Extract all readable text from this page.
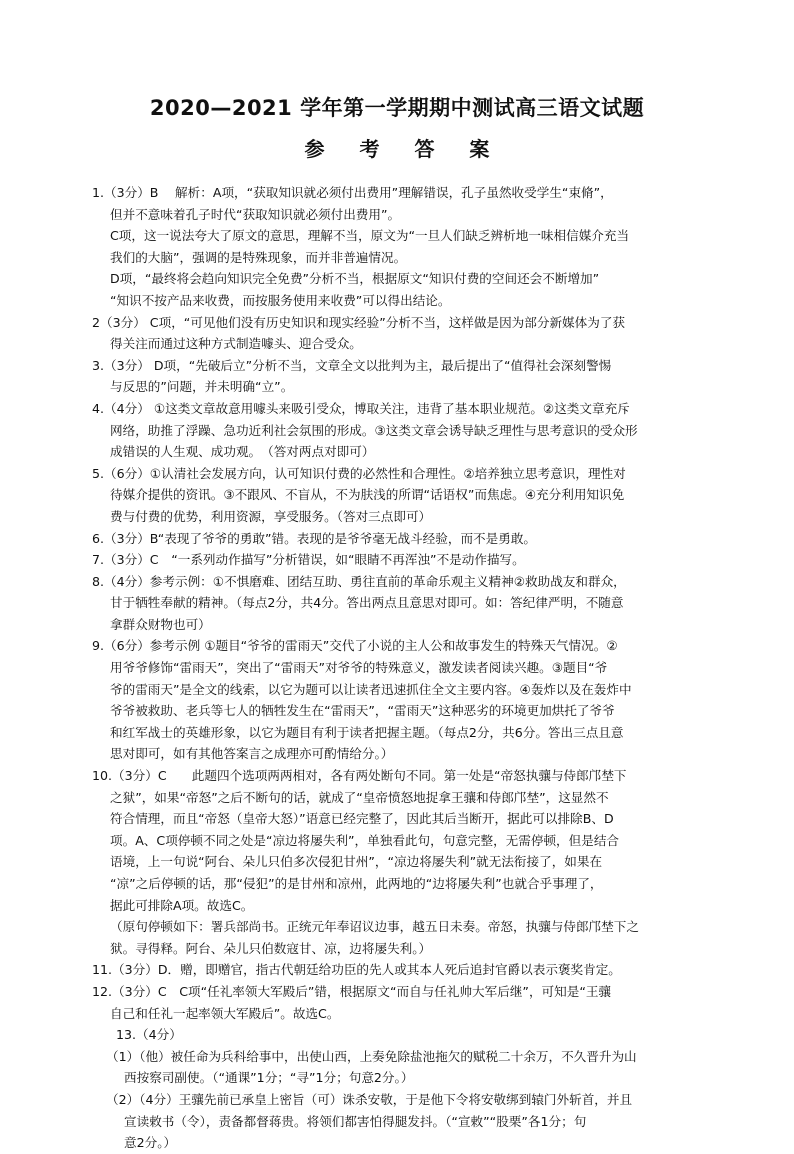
2020—2021 学年第一学期期中测试高三语文试题
参 考 答 案
1.（3分）B　 解析：A项，“获取知识就必须付出费用”理解错误，孔子虽然收受学生“束脩”，
但并不意味着孔子时代“获取知识就必须付出费用”。
C项，这一说法夸大了原文的意思，理解不当，原文为“一旦人们缺乏辨析地一味相信媒介充当
我们的大脑”，强调的是特殊现象，而并非普遍情况。
D项，“最终将会趋向知识完全免费”分析不当，根据原文“知识付费的空间还会不断增加”
“知识不按产品来收费，而按服务使用来收费”可以得出结论。
2（3分） C项，“可见他们没有历史知识和现实经验”分析不当，这样做是因为部分新媒体为了获
得关注而通过这种方式制造噱头、迎合受众。
3.（3分） D项，“先破后立”分析不当，文章全文以批判为主，最后提出了“值得社会深刻警惕
与反思的”问题，并未明确“立”。
4.（4分） ①这类文章故意用噱头来吸引受众，博取关注，违背了基本职业规范。②这类文章充斥
网络，助推了浮躁、急功近利社会氛围的形成。③这类文章会诱导缺乏理性与思考意识的受众形
成错误的人生观、成功观。　（答对两点对即可）
5.（6分）①认清社会发展方向，认可知识付费的必然性和合理性。②培养独立思考意识，理性对
待媒介提供的资讯。③不跟风、不盲从，不为肤浅的所谓“话语权”而焦虑。④充分利用知识免
费与付费的优势，利用资源，享受服务。（答对三点即可）
6.（3分）B“表现了爷爷的勇敢”错。表现的是爷爷毫无战斗经验，而不是勇敢。
7.（3分）C　“一系列动作描写”分析错误，如“眼睛不再浑浊”不是动作描写。
8.（4分）参考示例：①不惧磨难、团结互助、勇往直前的革命乐观主义精神②救助战友和群众，
甘于牺牲奉献的精神。（每点2分，共4分。答出两点且意思对即可。如：答纪律严明，不随意
拿群众财物也可）
9.（6分）参考示例 ①题目“爷爷的雷雨天”交代了小说的主人公和故事发生的特殊天气情况。②
用爷爷修饰“雷雨天”，突出了“雷雨天”对爷爷的特殊意义，激发读者阅读兴趣。③题目“爷
爷的雷雨天”是全文的线索，以它为题可以让读者迅速抓住全文主要内容。④轰炸以及在轰炸中
爷爷被救助、老兵等七人的牺牲发生在“雷雨天”，“雷雨天”这种恶劣的环境更加烘托了爷爷
和红军战士的英雄形象，以它为题目有利于读者把握主题。（每点2分，共6分。答出三点且意
思对即可，如有其他答案言之成理亦可酌情给分。）
10.（3分）C　　此题四个选项两两相对，各有两处断句不同。第一处是“帝怒执骧与侍郎邝埜下
之狱”，如果“帝怒”之后不断句的话，就成了“皇帝愤怒地捉拿王骧和侍郎邝埜”，这显然不
符合情理，而且“帝怒（皇帝大怒）”语意已经完整了，因此其后当断开，据此可以排除B、D
项。A、C项停顿不同之处是“凉边将屡失利”，单独看此句，句意完整，无需停顿，但是结合
语境，上一句说“阿台、朵儿只伯多次侵犯甘州”，“凉边将屡失利”就无法衔接了，如果在
“凉”之后停顿的话，那“侵犯”的是甘州和凉州，此两地的“边将屡失利”也就合乎事理了，
据此可排除A项。故选C。
（原句停顿如下：署兵部尚书。正统元年奉诏议边事，越五日未奏。帝怒，执骧与侍郎邝埜下之
狱。寻得释。阿台、朵儿只伯数寇甘、凉，边将屡失利。）
11.（3分）D．赠，即赠官，指古代朝廷给功臣的先人或其本人死后追封官爵以表示褒奖肯定。
12.（3分）C　C项“任礼率领大军殿后”错，根据原文“而自与任礼帅大军后继”，可知是“王骧
自己和任礼一起率领大军殿后”。故选C。
13.（4分）
（1）（他）被任命为兵科给事中，出使山西，上奏免除盐池拖欠的赋税二十余万，不久晋升为山
西按察司副使。（“通课”1分；“寻”1分；句意2分。）
（2）（4分）王骧先前已承皇上密旨（可）诛杀安敬，于是他下令将安敬绑到辕门外斩首，并且
宣读敕书（令），责备都督蒋贵。将领们都害怕得腿发抖。（“宣敕”“股栗”各1分；句
意2分。）
